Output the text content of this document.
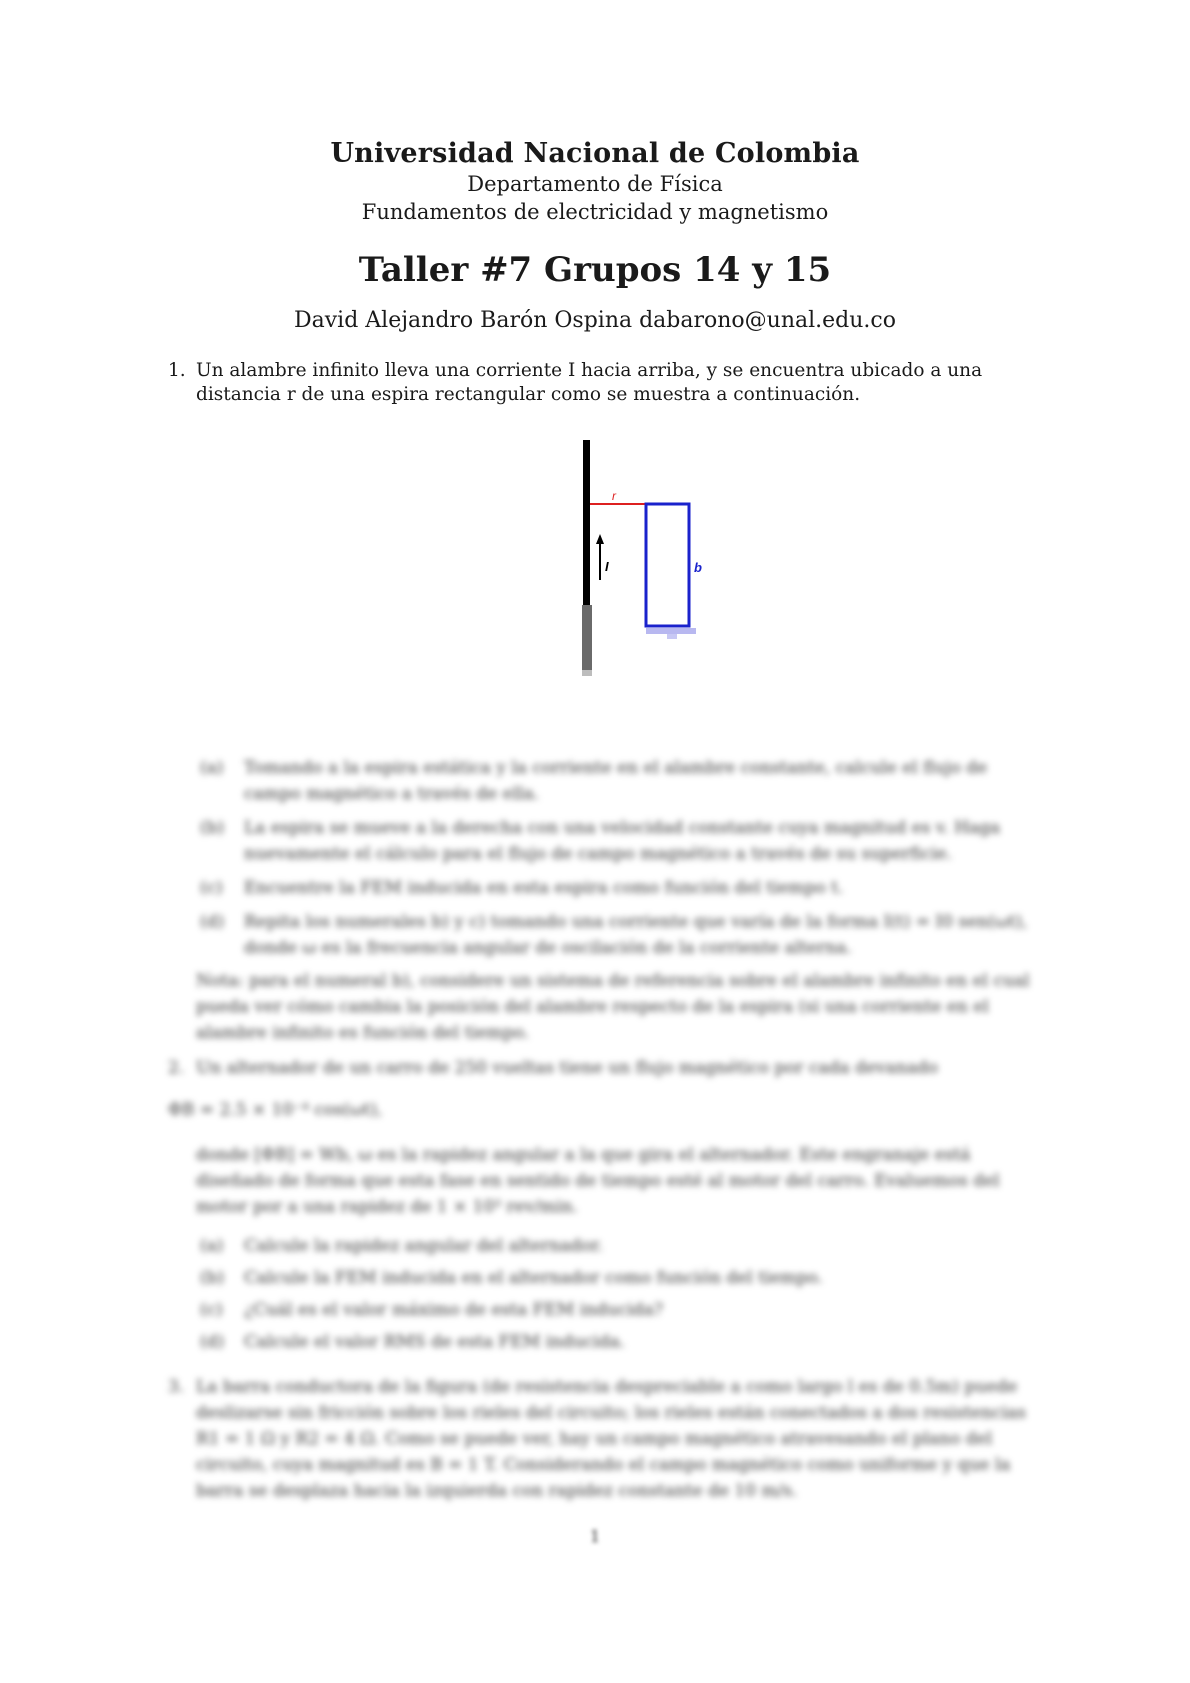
Universidad Nacional de Colombia
Departamento de Física
Fundamentos de electricidad y magnetismo
Taller #7 Grupos 14 y 15
David Alejandro Barón Ospina dabarono@unal.edu.co
1. Un alambre infinito lleva una corriente I hacia arriba, y se encuentra ubicado a una distancia r de una espira rectangular como se muestra a continuación.
r
I	b
(a) Tomando a la espira estática y la corriente en el alambre constante, calcule el flujo de campo magnético a través de ella.
(b) La espira se mueve a la derecha con una velocidad constante cuya magnitud es v. Haga nuevamente el cálculo para el flujo de campo magnético a través de su superficie.
(c) Encuentre la FEM inducida en esta espira como función del tiempo t.
(d) Repita los numerales b) y c) tomando una corriente que varía de la forma I(t) = I0 sen(ωt), donde ω es la frecuencia angular de oscilación de la corriente alterna.

Nota: para el numeral b), considere un sistema de referencia sobre el alambre infinito en el cual pueda ver cómo cambia la posición del alambre respecto de la espira (si una corriente en el alambre infinito es función del tiempo.

2. Un alternador de un carro de 250 vueltas tiene un flujo magnético por cada devanado
ΦB = 2.5 × 10⁻⁴ cos(ωt),

donde [ΦB] = Wb, ω es la rapidez angular a la que gira el alternador. Este engranaje está diseñado de forma que esta fase en sentido de tiempo esté al motor del carro. Evaluemos del motor por a una rapidez de 1 × 10³ rev/min.

(a) Calcule la rapidez angular del alternador.
(b) Calcule la FEM inducida en el alternador como función del tiempo.
(c) ¿Cuál es el valor máximo de esta FEM inducida?
(d) Calcule el valor RMS de esta FEM inducida.
3. La barra conductora de la figura (de resistencia despreciable a como largo l es de 0.5m) puede deslizarse sin fricción sobre los rieles del circuito; los rieles están conectados a dos resistencias R1 = 1 Ω y R2 = 4 Ω. Como se puede ver, hay un campo magnético atravesando el plano del circuito, cuya magnitud es B = 1 T. Considerando el campo magnético como uniforme y que la barra se desplaza hacia la izquierda con rapidez constante de 10 m/s.
1
